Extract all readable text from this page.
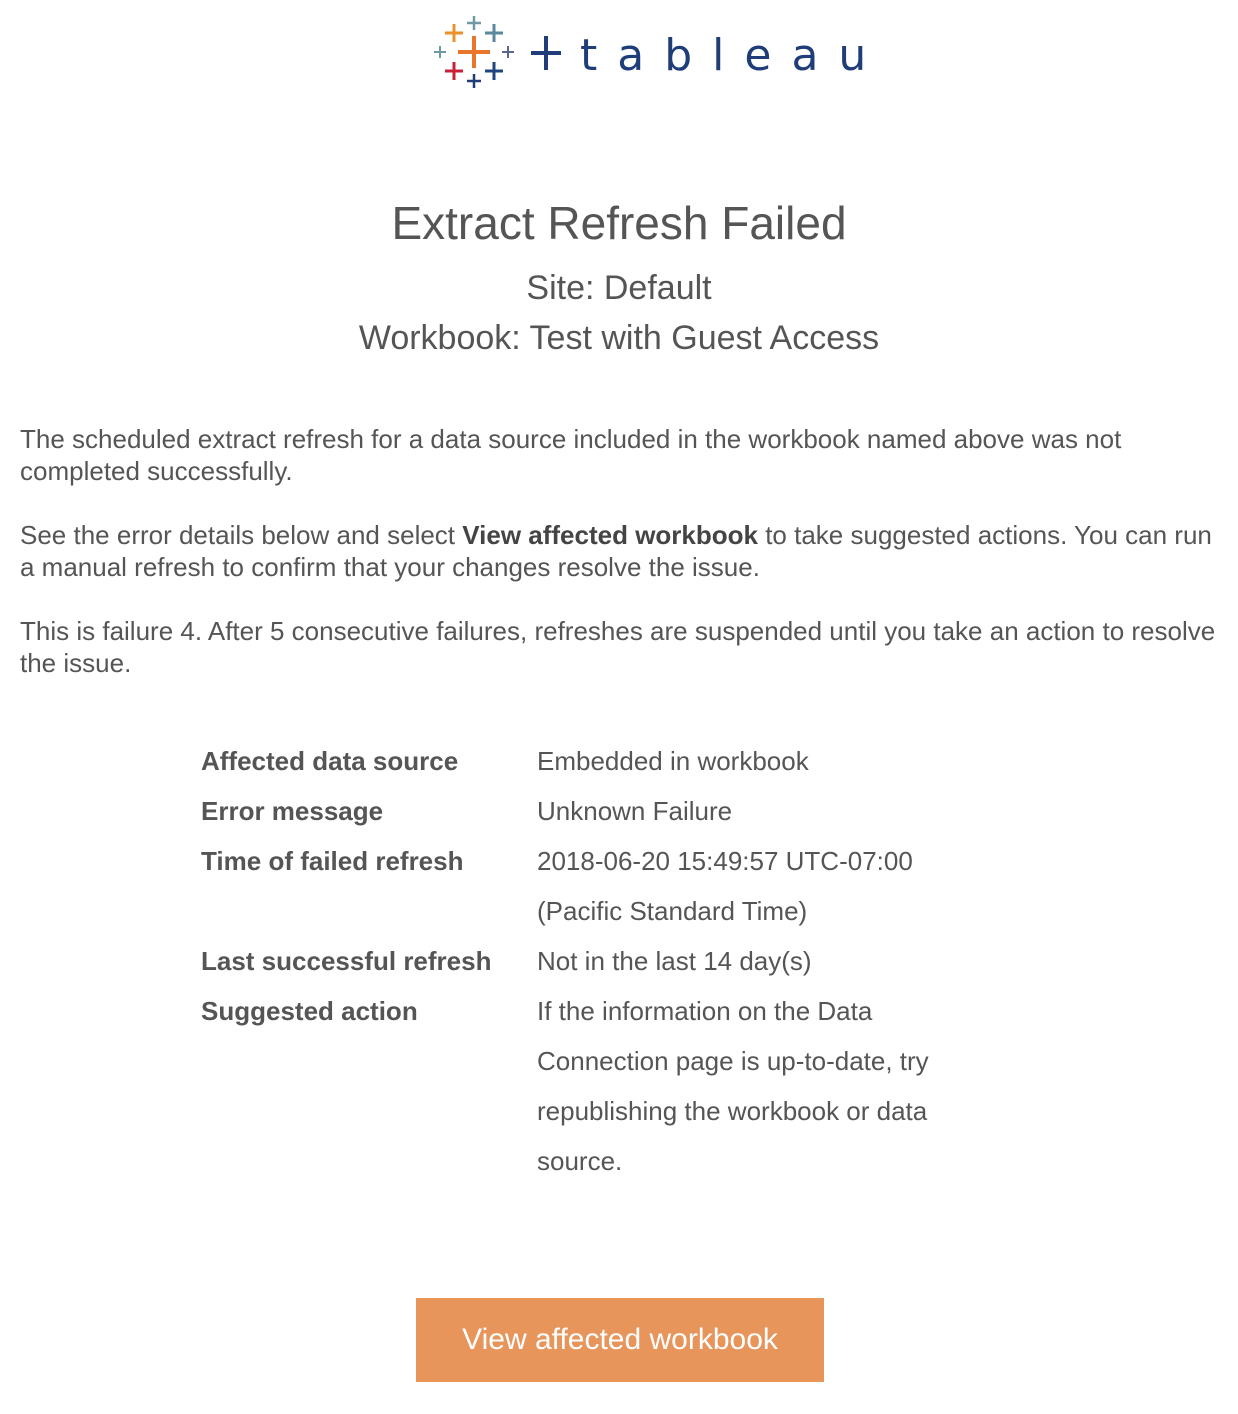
tableau
Extract Refresh Failed
Site: Default
Workbook: Test with Guest Access

The scheduled extract refresh for a data source included in the workbook named above was not completed successfully.

See the error details below and select View affected workbook to take suggested actions. You can run a manual refresh to confirm that your changes resolve the issue.

This is failure 4. After 5 consecutive failures, refreshes are suspended until you take an action to resolve the issue.

Affected data source	Embedded in workbook
Error message	Unknown Failure
Time of failed refresh	2018-06-20 15:49:57 UTC-07:00 (Pacific Standard Time)
Last successful refresh	Not in the last 14 day(s)
Suggested action	If the information on the Data Connection page is up-to-date, try republishing the workbook or data source.
View affected workbook
